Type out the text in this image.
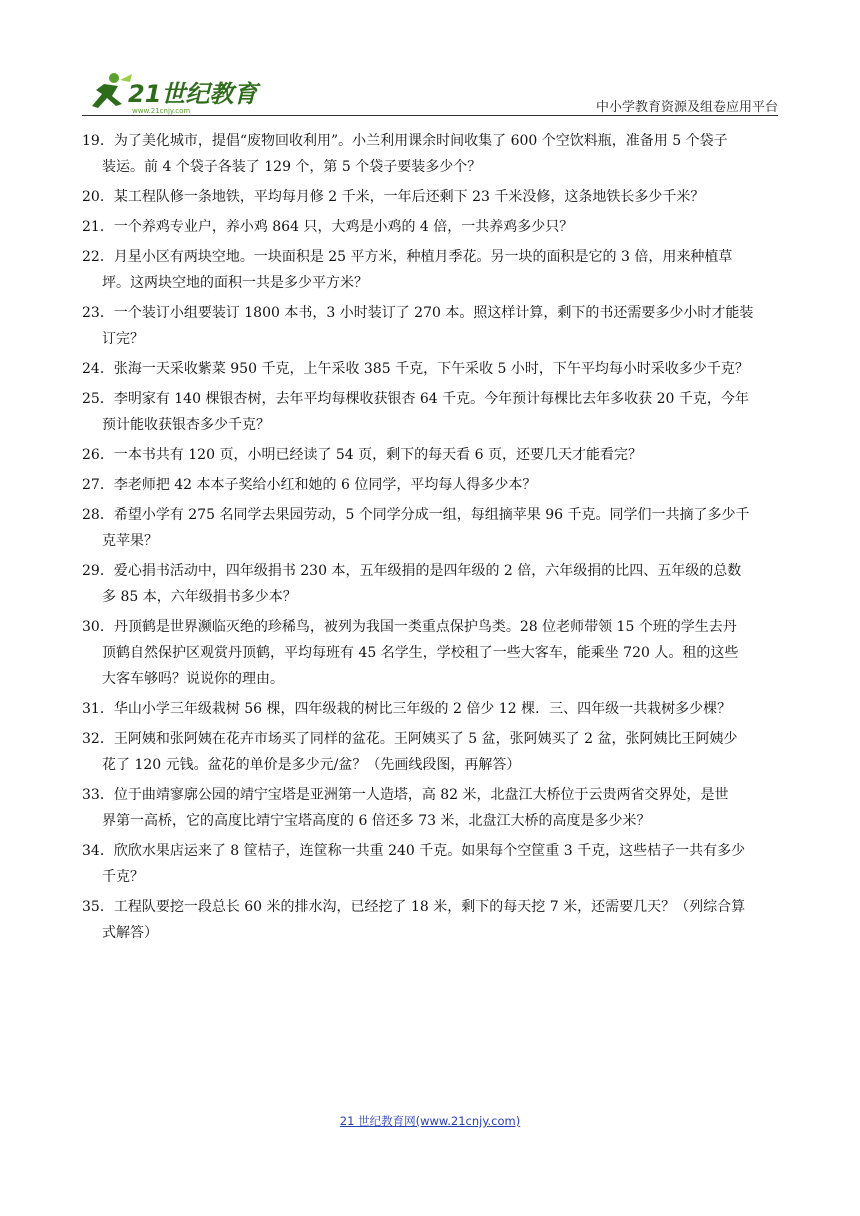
21世纪教育
www.21cnjy.com	中小学教育资源及组卷应用平台
19．为了美化城市，提倡“废物回收利用”。小兰利用课余时间收集了 600 个空饮料瓶，准备用 5 个袋子
装运。前 4 个袋子各装了 129 个，第 5 个袋子要装多少个？
20．某工程队修一条地铁，平均每月修 2 千米，一年后还剩下 23 千米没修，这条地铁长多少千米？
21．一个养鸡专业户，养小鸡 864 只，大鸡是小鸡的 4 倍，一共养鸡多少只？
22．月星小区有两块空地。一块面积是 25 平方米，种植月季花。另一块的面积是它的 3 倍，用来种植草
坪。这两块空地的面积一共是多少平方米？
23．一个装订小组要装订 1800 本书，3 小时装订了 270 本。照这样计算，剩下的书还需要多少小时才能装
订完？
24．张海一天采收紫菜 950 千克，上午采收 385 千克，下午采收 5 小时，下午平均每小时采收多少千克？
25．李明家有 140 棵银杏树，去年平均每棵收获银杏 64 千克。今年预计每棵比去年多收获 20 千克，今年
预计能收获银杏多少千克？
26．一本书共有 120 页，小明已经读了 54 页，剩下的每天看 6 页，还要几天才能看完？
27．李老师把 42 本本子奖给小红和她的 6 位同学，平均每人得多少本？
28．希望小学有 275 名同学去果园劳动，5 个同学分成一组，每组摘苹果 96 千克。同学们一共摘了多少千
克苹果？
29．爱心捐书活动中，四年级捐书 230 本，五年级捐的是四年级的 2 倍，六年级捐的比四、五年级的总数
多 85 本，六年级捐书多少本？
30．丹顶鹤是世界濒临灭绝的珍稀鸟，被列为我国一类重点保护鸟类。28 位老师带领 15 个班的学生去丹
顶鹤自然保护区观赏丹顶鹤，平均每班有 45 名学生，学校租了一些大客车，能乘坐 720 人。租的这些
大客车够吗？说说你的理由。
31．华山小学三年级栽树 56 棵，四年级栽的树比三年级的 2 倍少 12 棵．三、四年级一共栽树多少棵？
32．王阿姨和张阿姨在花卉市场买了同样的盆花。王阿姨买了 5 盆，张阿姨买了 2 盆，张阿姨比王阿姨少
花了 120 元钱。盆花的单价是多少元/盆？（先画线段图，再解答）
33．位于曲靖寥廓公园的靖宁宝塔是亚洲第一人造塔，高 82 米，北盘江大桥位于云贵两省交界处，是世
界第一高桥，它的高度比靖宁宝塔高度的 6 倍还多 73 米，北盘江大桥的高度是多少米？
34．欣欣水果店运来了 8 筐桔子，连筐称一共重 240 千克。如果每个空筐重 3 千克，这些桔子一共有多少
千克？
35．工程队要挖一段总长 60 米的排水沟，已经挖了 18 米，剩下的每天挖 7 米，还需要几天？（列综合算
式解答）
21 世纪教育网(www.21cnjy.com)
